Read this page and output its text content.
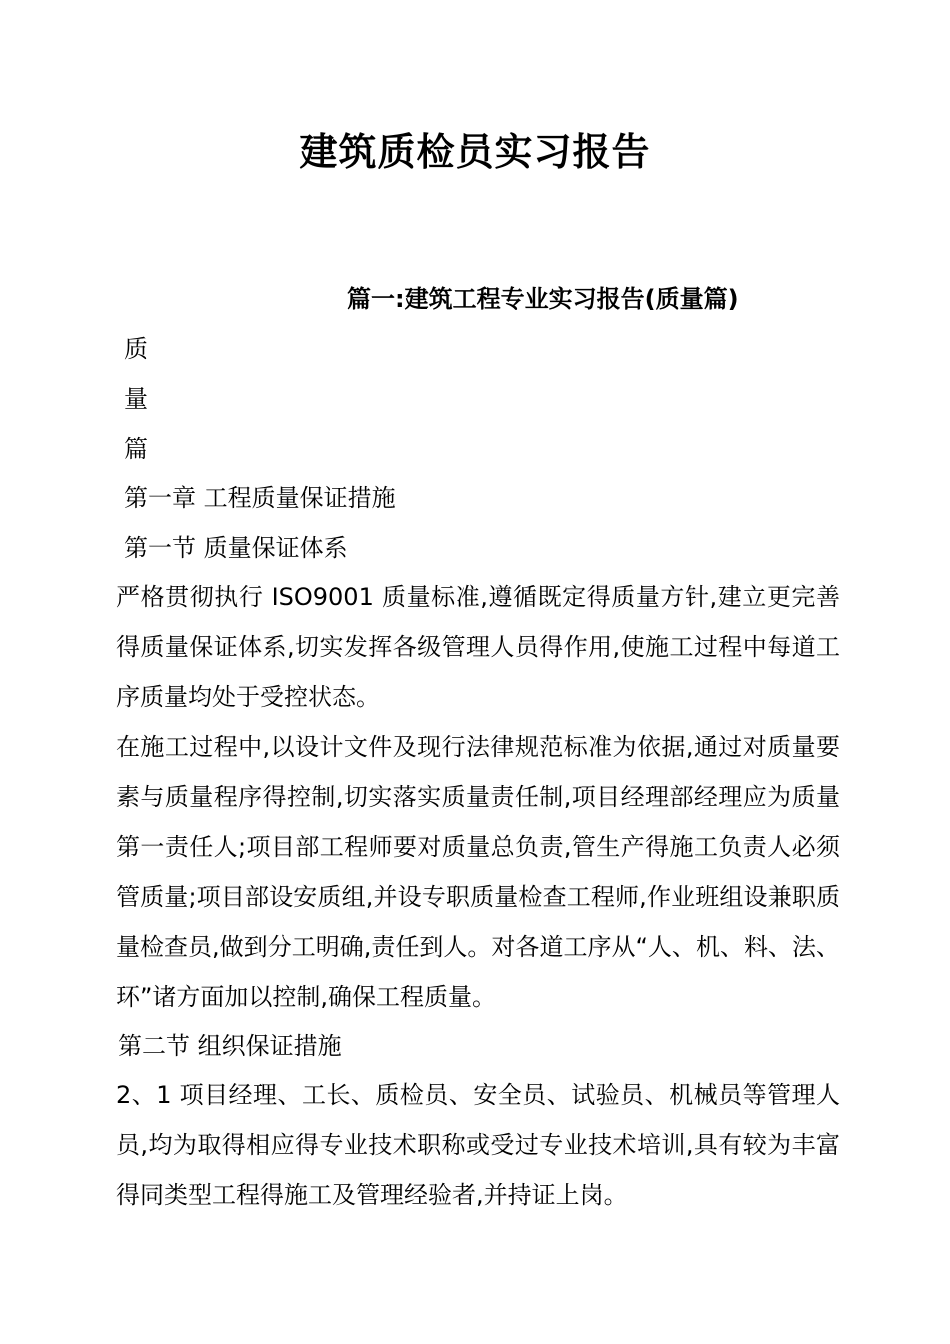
建筑质检员实习报告
篇一:建筑工程专业实习报告(质量篇)
质
量
篇
第一章 工程质量保证措施
第一节 质量保证体系
严格贯彻执行 ISO9001 质量标准,遵循既定得质量方针,建立更完善得质量保证体系,切实发挥各级管理人员得作用,使施工过程中每道工序质量均处于受控状态。
在施工过程中,以设计文件及现行法律规范标准为依据,通过对质量要素与质量程序得控制,切实落实质量责任制,项目经理部经理应为质量第一责任人;项目部工程师要对质量总负责,管生产得施工负责人必须管质量;项目部设安质组,并设专职质量检查工程师,作业班组设兼职质量检查员,做到分工明确,责任到人。对各道工序从“人、机、料、法、环”诸方面加以控制,确保工程质量。
第二节 组织保证措施
2、1 项目经理、工长、质检员、安全员、试验员、机械员等管理人员,均为取得相应得专业技术职称或受过专业技术培训,具有较为丰富得同类型工程得施工及管理经验者,并持证上岗。
